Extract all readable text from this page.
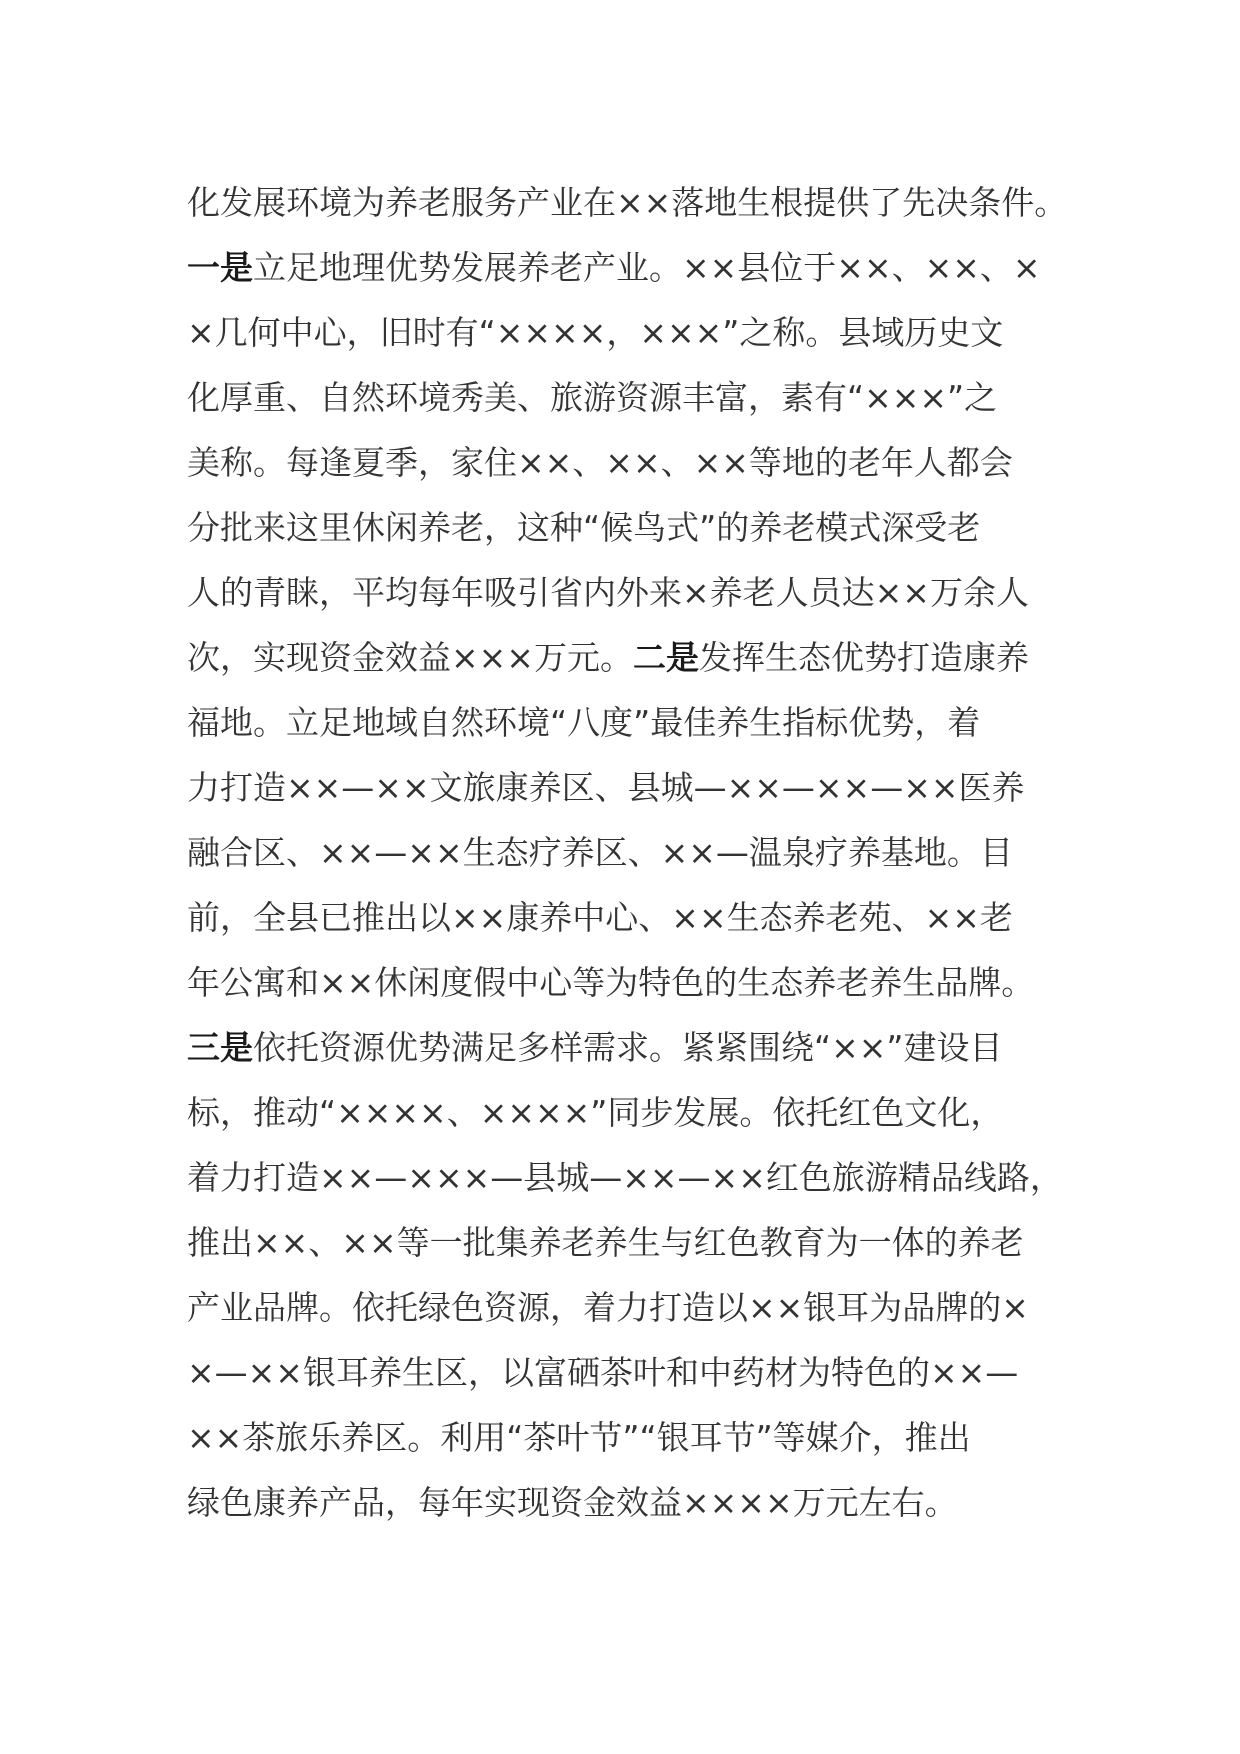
化发展环境为养老服务产业在××落地生根提供了先决条件。
一是立足地理优势发展养老产业。××县位于××、××、×
×几何中心，旧时有“××××，×××”之称。县域历史文
化厚重、自然环境秀美、旅游资源丰富，素有“×××”之
美称。每逢夏季，家住××、××、××等地的老年人都会
分批来这里休闲养老，这种“候鸟式”的养老模式深受老
人的青睐，平均每年吸引省内外来×养老人员达××万余人
次，实现资金效益×××万元。二是发挥生态优势打造康养
福地。立足地域自然环境“八度”最佳养生指标优势，着
力打造××—××文旅康养区、县城—××—××—××医养
融合区、××—××生态疗养区、××—温泉疗养基地。目
前，全县已推出以××康养中心、××生态养老苑、××老
年公寓和××休闲度假中心等为特色的生态养老养生品牌。
三是依托资源优势满足多样需求。紧紧围绕“××”建设目
标，推动“××××、××××”同步发展。依托红色文化，
着力打造××—×××—县城—××—××红色旅游精品线路，
推出××、××等一批集养老养生与红色教育为一体的养老
产业品牌。依托绿色资源，着力打造以××银耳为品牌的×
×—××银耳养生区，以富硒茶叶和中药材为特色的××—
××茶旅乐养区。利用“茶叶节”“银耳节”等媒介，推出
绿色康养产品，每年实现资金效益××××万元左右。
